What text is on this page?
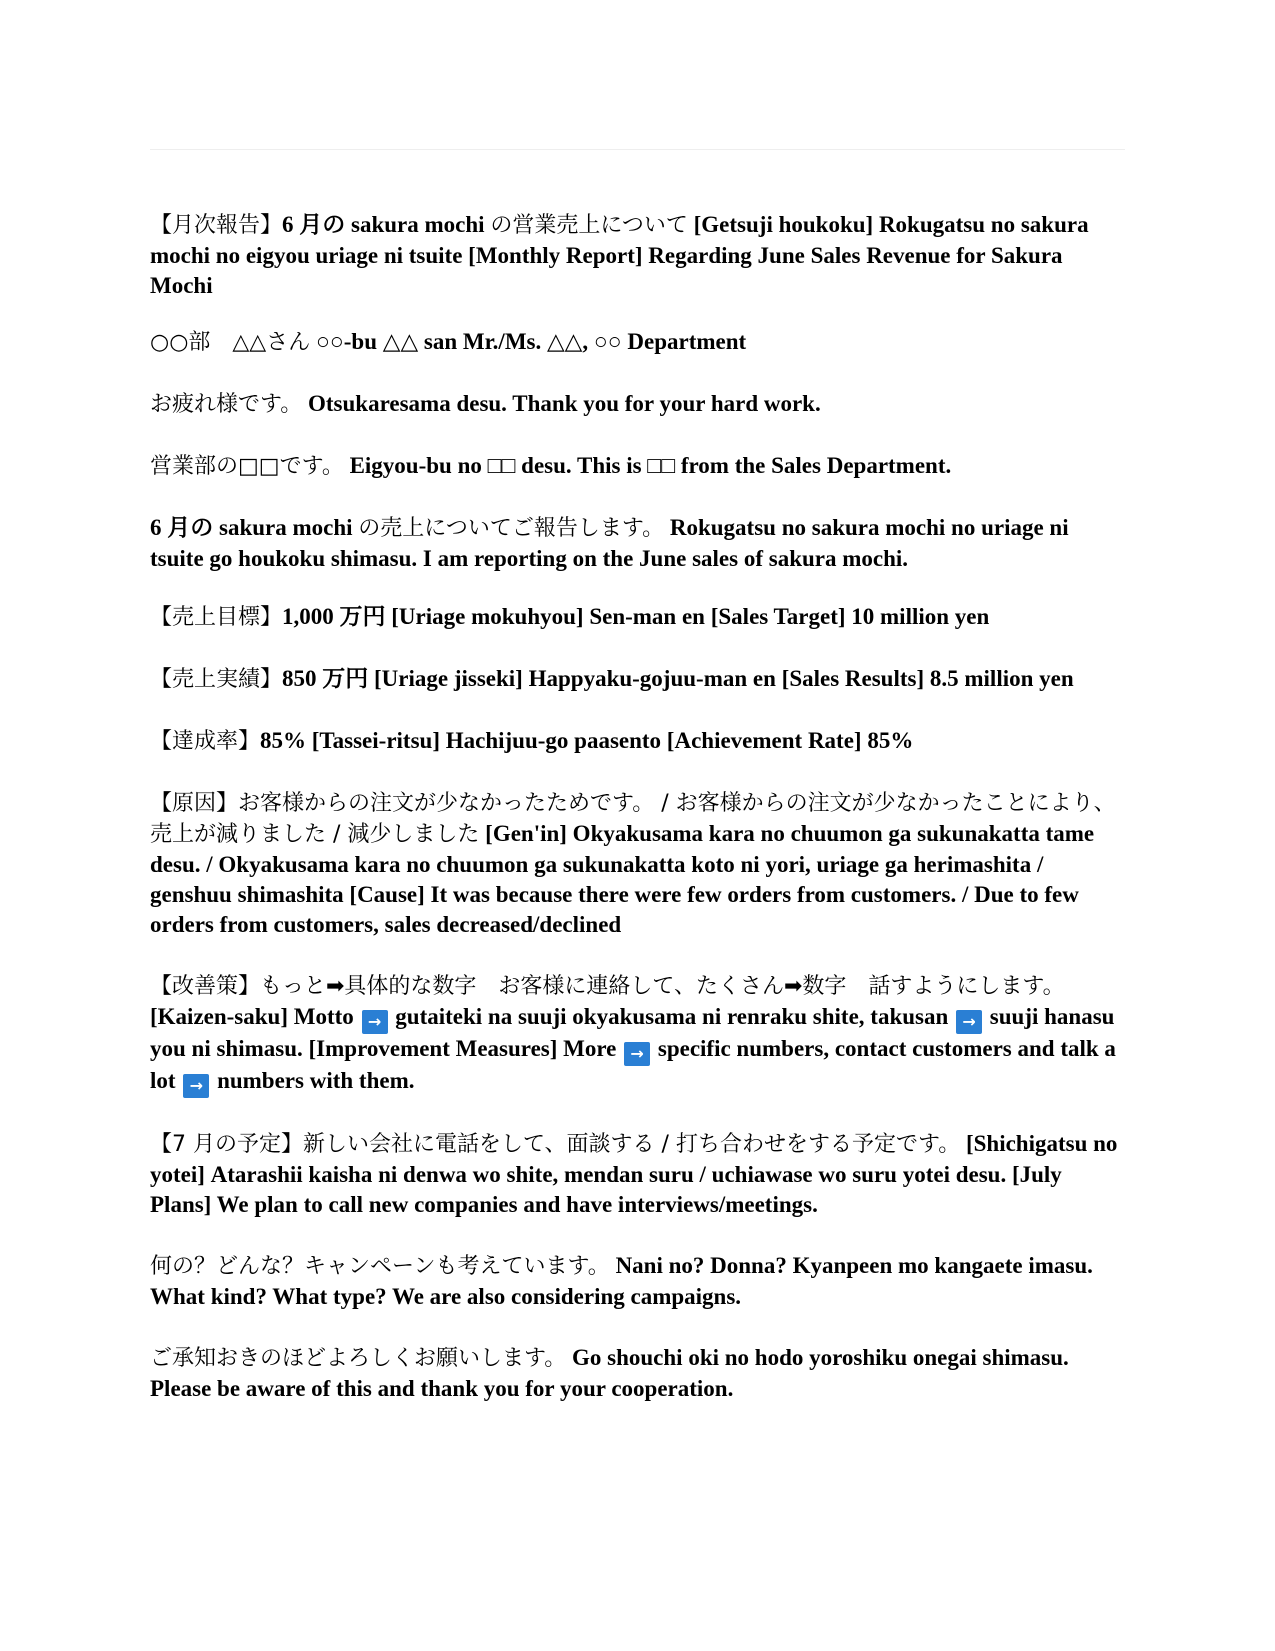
【月次報告】6 月の sakura mochi の営業売上について [Getsuji houkoku] Rokugatsu no sakura mochi no eigyou uriage ni tsuite [Monthly Report] Regarding June Sales Revenue for Sakura Mochi

○○部　△△さん ○○-bu △△ san Mr./Ms. △△, ○○ Department

お疲れ様です。 Otsukaresama desu. Thank you for your hard work.

営業部の□□です。 Eigyou-bu no □□ desu. This is □□ from the Sales Department.

6 月の sakura mochi の売上についてご報告します。 Rokugatsu no sakura mochi no uriage ni tsuite go houkoku shimasu. I am reporting on the June sales of sakura mochi.

【売上目標】1,000 万円 [Uriage mokuhyou] Sen-man en [Sales Target] 10 million yen

【売上実績】850 万円 [Uriage jisseki] Happyaku-gojuu-man en [Sales Results] 8.5 million yen

【達成率】85% [Tassei-ritsu] Hachijuu-go paasento [Achievement Rate] 85%

【原因】お客様からの注文が少なかったためです。 / お客様からの注文が少なかったことにより、売上が減りました / 減少しました [Gen'in] Okyakusama kara no chuumon ga sukunakatta tame desu. / Okyakusama kara no chuumon ga sukunakatta koto ni yori, uriage ga herimashita / genshuu shimashita [Cause] It was because there were few orders from customers. / Due to few orders from customers, sales decreased/declined

【改善策】もっと➡具体的な数字　お客様に連絡して、たくさん➡数字　話すようにします。 [Kaizen-saku] Motto → gutaiteki na suuji okyakusama ni renraku shite, takusan → suuji hanasu you ni shimasu. [Improvement Measures] More → specific numbers, contact customers and talk a lot → numbers with them.

【7 月の予定】新しい会社に電話をして、面談する / 打ち合わせをする予定です。 [Shichigatsu no yotei] Atarashii kaisha ni denwa wo shite, mendan suru / uchiawase wo suru yotei desu. [July Plans] We plan to call new companies and have interviews/meetings.

何の？どんな？キャンペーンも考えています。 Nani no? Donna? Kyanpeen mo kangaete imasu. What kind? What type? We are also considering campaigns.

ご承知おきのほどよろしくお願いします。 Go shouchi oki no hodo yoroshiku onegai shimasu. Please be aware of this and thank you for your cooperation.
